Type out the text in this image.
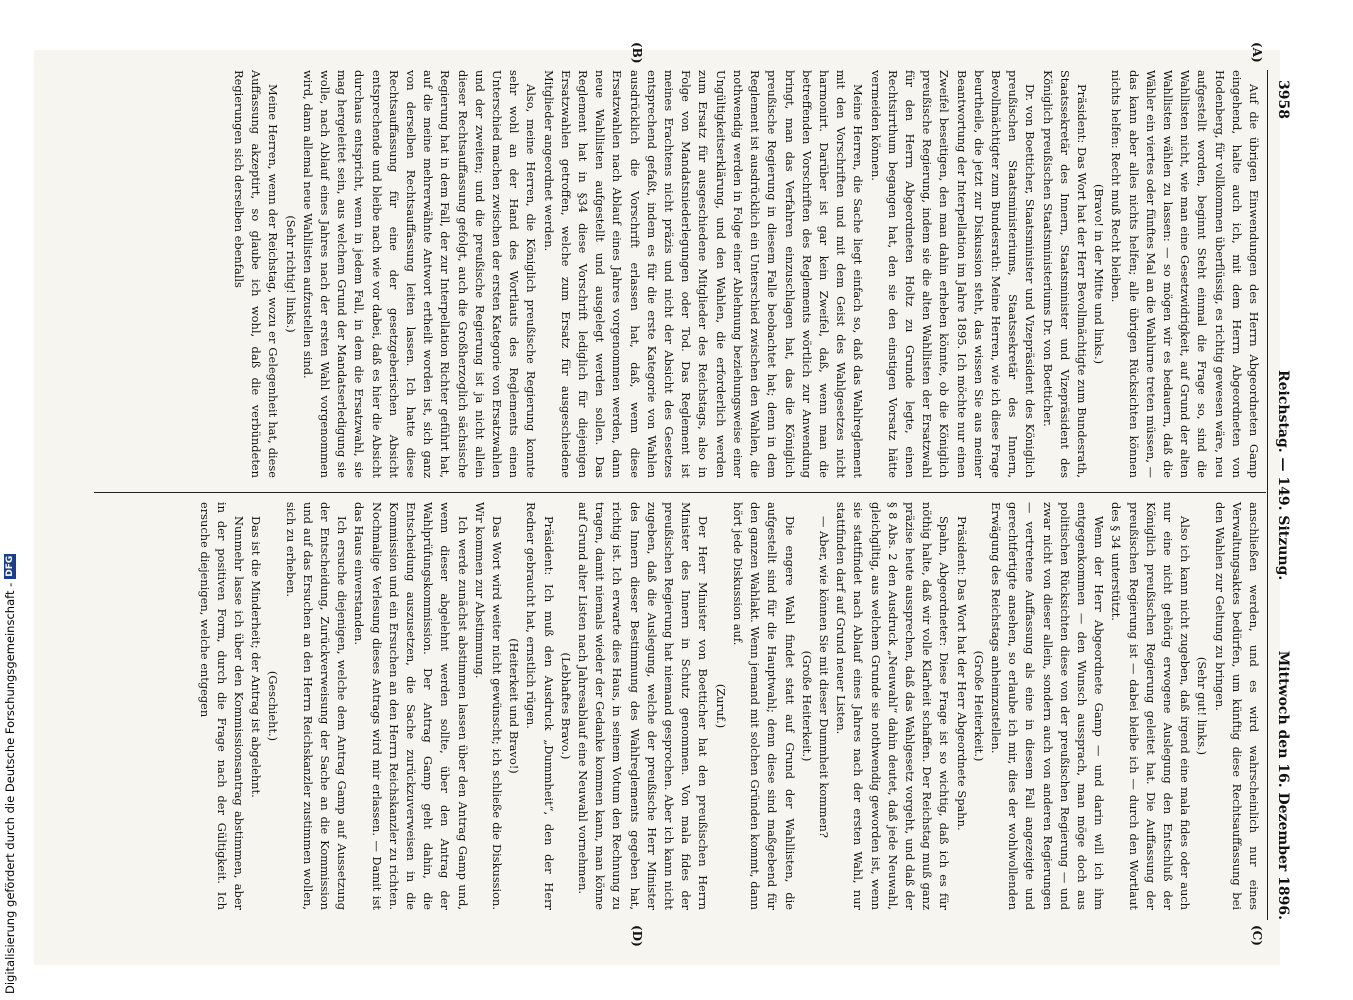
3958
Reichstag. — 149. Sitzung.
Mittwoch den 16. Dezember 1896.
(A)
(B)
(C)
(D)

Auf die übrigen Einwendungen des Herrn Abgeordneten Gamp eingehend, halte auch ich, mit dem Herrn Abgeordneten von Hodenberg, für vollkommen überflüssig, es richtig gewesen wäre, neu aufgestellt worden, beginnt Steht einmal die Frage so, sind die Wahllisten nicht, wie man eine Gesetzwidrigkeit, auf Grund der alten Wahllisten wählen zu lassen: — so mögen wir es bedauern, daß die Wähler ein viertes oder fünftes Mal an die Wahlurne treten müssen, — das kann aber alles nichts helfen; alle übrigen Rücksichten können nichts helfen: Recht muß Recht bleiben.

(Bravo! in der Mitte und links.)

Präsident: Das Wort hat der Herr Bevollmächtigte zum Bundesrath, Staatssekretär des Innern, Staatsminister und Vizepräsident des Königlich preußischen Staatsministeriums Dr. von Boetticher.

Dr. von Boetticher, Staatsminister und Vizepräsident des Königlich preußischen Staatsministeriums, Staatssekretär des Innern, Bevollmächtigter zum Bundesrath: Meine Herren, wie ich diese Frage beurtheile, die jetzt zur Diskussion steht, das wissen Sie aus meiner Beantwortung der Interpellation im Jahre 1895. Ich möchte nur einen Zweifel beseitigen, den man dahin erheben könnte, ob die Königlich preußische Regierung, indem sie die alten Wahllisten der Ersatzwahl für den Herrn Abgeordneten Holtz zu Grunde legte, einen Rechtsirrthum begangen hat, den sie den einstigen Vorsatz hätte vermeiden können.

Meine Herren, die Sache liegt einfach so, daß das Wahlreglement mit den Vorschriften und mit dem Geist des Wahlgesetzes nicht harmonirt. Darüber ist gar kein Zweifel, daß, wenn man die betreffenden Vorschriften des Reglements wörtlich zur Anwendung bringt, man das Verfahren einzuschlagen hat, das die Königlich preußische Regierung in diesem Falle beobachtet hat; denn in dem Reglement ist ausdrücklich ein Unterschied zwischen den Wahlen, die nothwendig werden in Folge einer Ablehnung beziehungsweise einer Ungültigkeitserklärung, und den Wahlen, die erforderlich werden zum Ersatz für ausgeschiedene Mitglieder des Reichstags, also in Folge von Mandatsniederlegungen oder Tod. Das Reglement ist meines Erachtens nicht präzis und nicht der Absicht des Gesetzes entsprechend gefaßt, indem es für die erste Kategorie von Wahlen ausdrücklich die Vorschrift erlassen hat, daß, wenn diese Ersatzwahlen nach Ablauf eines Jahres vorgenommen werden, dann neue Wahllisten aufgestellt und ausgelegt werden sollen. Das Reglement hat in §34 diese Vorschrift lediglich für diejenigen Ersatzwahlen getroffen, welche zum Ersatz für ausgeschiedene Mitglieder angeordnet werden.

Also, meine Herren, die Königlich preußische Regierung konnte sehr wohl an der Hand des Wortlauts des Reglements einen Unterschied machen zwischen der ersten Kategorie von Ersatzwahlen und der zweiten; und die preußische Regierung ist ja nicht allein dieser Rechtsauffassung gefolgt, auch die Großherzoglich sächsische Regierung hat in dem Fall, der zur Interpellation Richter geführt hat, auf die meine mehrerwähnte Antwort ertheilt worden ist, sich ganz von derselben Rechtsauffassung leiten lassen. Ich hatte diese Rechtsauffassung für eine der gesetzgeberischen Absicht entsprechende und bleibe nach wie vor dabei, daß es hier die Absicht durchaus entspricht, wenn in jedem Fall, in dem die Ersatzwahl, sie mag hergeleitet sein, aus welchem Grund der Mandatserledigung sie wolle, nach Ablauf eines Jahres nach der ersten Wahl vorgenommen wird, dann allemal neue Wahllisten aufzustellen sind.

(Sehr richtig! links.)

Meine Herren, wenn der Reichstag, wozu er Gelegenheit hat, diese Auffassung akzeptirt, so glaube ich wohl, daß die verbündeten Regierungen sich derselben ebenfalls

anschließen werden, und es wird wahrscheinlich nur eines Verwaltungsaktes bedürfen, um künftig diese Rechtsauffassung bei den Wahlen zur Geltung zu bringen.

(Sehr gut! links.)

Also ich kann nicht zugeben, daß irgend eine mala fides oder auch nur eine nicht gehörig erwogene Auslegung den Entschluß der Königlich preußischen Regierung geleitet hat. Die Auffassung der preußischen Regierung ist — dabei bleibe ich — durch den Wortlaut des § 34 unterstützt.

Wenn der Herr Abgeordnete Gamp — und darin will ich ihm entgegenkommen — den Wunsch aussprach, man möge doch aus politischen Rücksichten diese von der preußischen Regierung — und zwar nicht von dieser allein, sondern auch von anderen Regierungen — vertretene Auffassung als eine in diesem Fall angezeigte und gerechtfertigte ansehen, so erlaube ich mir, dies der wohlwollenden Erwägung des Reichstags anheimzustellen.

(Große Heiterkeit.)

Präsident: Das Wort hat der Herr Abgeordnete Spahn.

Spahn, Abgeordneter: Diese Frage ist so wichtig, daß ich es für nöthig halte, daß wir volle Klarheit schaffen. Der Reichstag muß ganz präzise heute aussprechen, daß das Wahlgesetz vorgeht, und daß der § 8 Abs. 2 den Ausdruck „Neuwahl“ dahin deutet, daß jede Neuwahl, gleichgiltig, aus welchem Grunde sie nothwendig geworden ist, wenn sie stattfindet nach Ablauf eines Jahres nach der ersten Wahl, nur stattfinden darf auf Grund neuer Listen.

— Aber, wie können Sie mit dieser Dummheit kommen?

(Große Heiterkeit.)

Die engere Wahl findet statt auf Grund der Wahllisten, die aufgestellt sind für die Hauptwahl; denn diese sind maßgebend für den ganzen Wahlakt. Wenn jemand mit solchen Gründen kommt, dann hört jede Diskussion auf.

(Zuruf.)

Der Herr Minister von Boetticher hat den preußischen Herrn Minister des Innern in Schutz genommen. Von mala fides der preußischen Regierung hat niemand gesprochen. Aber ich kann nicht zugeben, daß die Auslegung, welche der preußische Herr Minister des Innern dieser Bestimmung des Wahlreglements gegeben hat, richtig ist. Ich erwarte dies Haus, in seinem Votum den Rechnung zu tragen, damit niemals wieder der Gedanke kommen kann, man könne auf Grund alter Listen nach Jahresablauf eine Neuwahl vornehmen.

(Lebhaftes Bravo.)

Präsident: Ich muß den Ausdruck „Dummheit“, den der Herr Redner gebraucht hat, ernstlich rügen.

(Heiterkeit und Bravo!)

Das Wort wird weiter nicht gewünscht; ich schließe die Diskussion. Wir kommen zur Abstimmung.

Ich werde zunächst abstimmen lassen über den Antrag Gamp und, wenn dieser abgelehnt werden sollte, über den Antrag der Wahlprüfungskommission. Der Antrag Gamp geht dahin, die Entscheidung auszusetzen, die Sache zurückzuverweisen in die Kommission und ein Ersuchen an den Herrn Reichskanzler zu richten. Nochmalige Verlesung dieses Antrags wird mir erlassen. — Damit ist das Haus einverstanden.

Ich ersuche diejenigen, welche dem Antrag Gamp auf Aussetzung der Entscheidung, Zurückverweisung der Sache an die Kommission und auf das Ersuchen an den Herrn Reichskanzler zustimmen wollen, sich zu erheben.

(Geschieht.)

Das ist die Minderheit; der Antrag ist abgelehnt.

Nunmehr lasse ich über den Kommissionsantrag abstimmen, aber in der positiven Form, durch die Frage nach der Gültigkeit. Ich ersuche diejenigen, welche entgegen

Digitalisierung gefördert durch die Deutsche Forschungsgemeinschaft -
DFG
